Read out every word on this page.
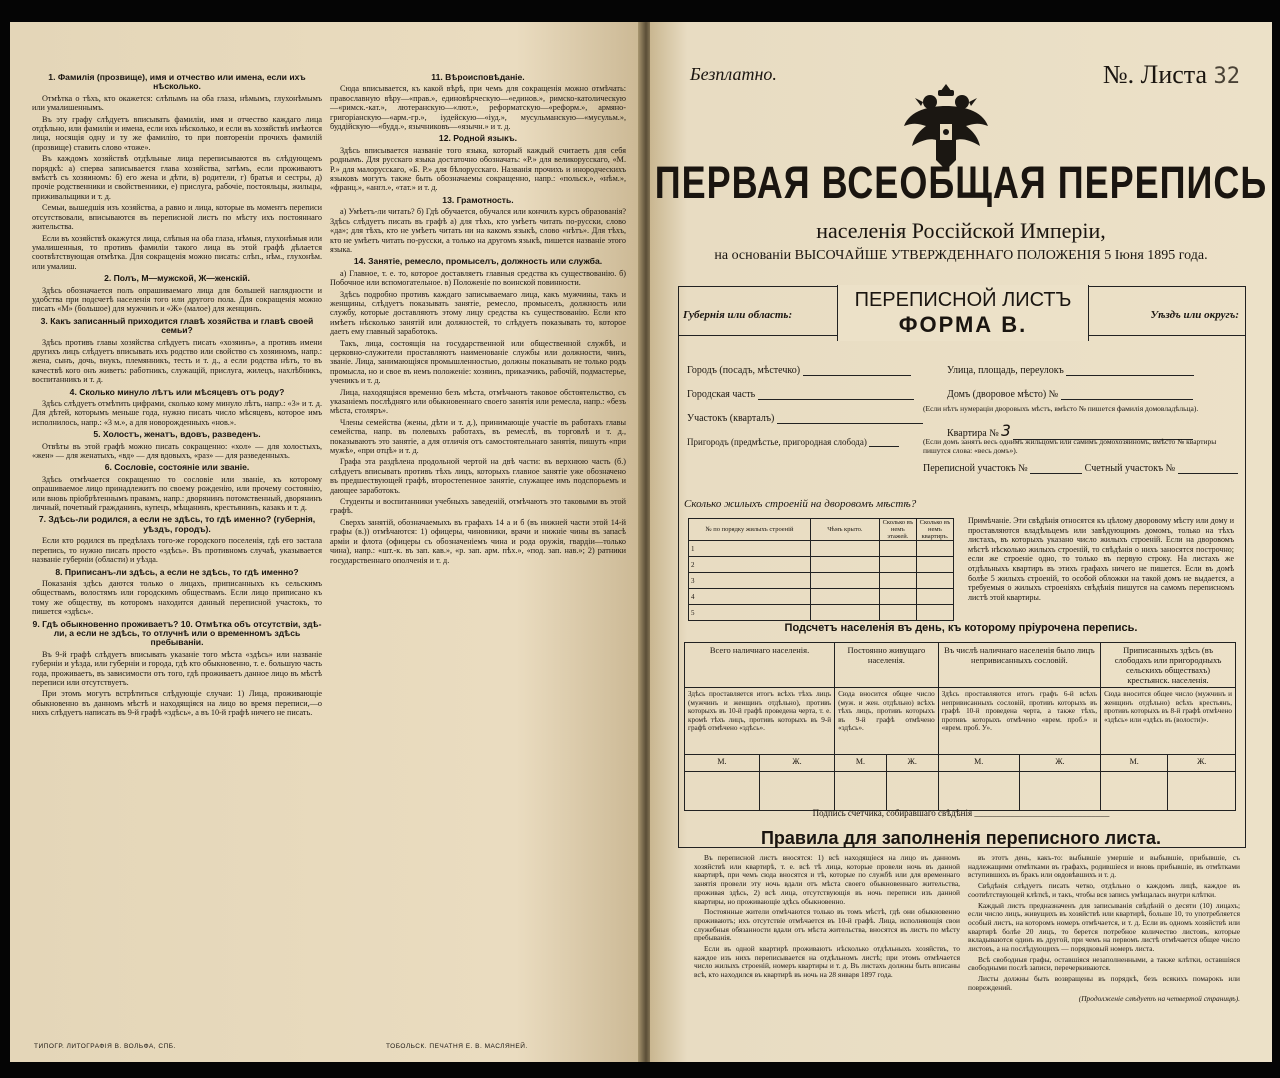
1. Фамилія (прозвище), имя и отчество или имена, если ихъ нѣсколько.

Отмѣтка о тѣхъ, кто окажется: слѣпымъ на оба глаза, нѣмымъ, глухонѣмымъ или умалишеннымъ.

Въ эту графу слѣдуетъ вписывать фамиліи, имя и отчество каждаго лица отдѣльно, или фамиліи и имена, если ихъ нѣсколько, и если въ хозяйствѣ имѣются лица, носящія одну и ту же фамилію, то при повтореніи прочихъ фамилій (прозвище) ставить слово «тоже».

Въ каждомъ хозяйствѣ отдѣльные лица переписываются въ слѣдующемъ порядкѣ: а) сперва записывается глава хозяйства, затѣмъ, если проживаютъ вмѣстѣ съ хозяиномъ: б) его жена и дѣти, в) родители, г) братья и сестры, д) прочіе родственники и свойственники, е) прислуга, рабочіе, постояльцы, жильцы, приживальщики и т. д.

Семьи, вышедшія изъ хозяйства, а равно и лица, которые въ моментъ переписи отсутствовали, вписываются въ переписной листъ по мѣсту ихъ постояннаго жительства.

Если въ хозяйствѣ окажутся лица, слѣпыя на оба глаза, нѣмыя, глухонѣмыя или умалишенныя, то противъ фамиліи такого лица въ этой графѣ дѣлается соотвѣтствующая отмѣтка. Для сокращенія можно писать: слѣп., нѣм., глухонѣм. или умалиш.

2. Полъ, М—мужской, Ж—женскій.

Здѣсь обозначается полъ опрашиваемаго лица для большей наглядности и удобства при подсчетѣ населенія того или другого пола. Для сокращенія можно писать «М» (большое) для мужчинъ и «Ж» (малое) для женщинъ.

3. Какъ записанный приходится главѣ хозяйства и главѣ своей семьи?

Здѣсь противъ главы хозяйства слѣдуетъ писать «хозяинъ», а противъ имени другихъ лицъ слѣдуетъ вписывать ихъ родство или свойство съ хозяиномъ, напр.: жена, сынъ, дочь, внукъ, племянникъ, тесть и т. д., а если родства нѣтъ, то въ качествѣ кого онъ живетъ: работникъ, служащій, прислуга, жилецъ, нахлѣбникъ, воспитанникъ и т. д.

4. Сколько минуло лѣтъ или мѣсяцевъ отъ роду?

Здѣсь слѣдуетъ отмѣтить цифрами, сколько кому минуло лѣтъ, напр.: «3» и т. д. Для дѣтей, которымъ меньше года, нужно писать число мѣсяцевъ, которое имъ исполнилось, напр.: «3 м.», а для новорожденныхъ «нов.».

5. Холостъ, женатъ, вдовъ, разведенъ.

Отвѣты въ этой графѣ можно писать сокращенно: «хол» — для холостыхъ, «жен» — для женатыхъ, «вд» — для вдовыхъ, «раз» — для разведенныхъ.

6. Сословіе, состояніе или званіе.

Здѣсь отмѣчается сокращенно то сословіе или званіе, къ которому опрашиваемое лицо принадлежитъ по своему рожденію, или прочему состоянію, или вновь пріобрѣтеннымъ правамъ, напр.: дворянинъ потомственный, дворянинъ личный, почетный гражданинъ, купецъ, мѣщанинъ, крестьянинъ, казакъ и т. д.

7. Здѣсь-ли родился, а если не здѣсь, то гдѣ именно? (губернія, уѣздъ, городъ).

Если кто родился въ предѣлахъ того-же городского поселенія, гдѣ его застала перепись, то нужно писать просто «здѣсь». Въ противномъ случаѣ, указывается названіе губерніи (области) и уѣзда.

8. Приписанъ-ли здѣсь, а если не здѣсь, то гдѣ именно?

Показанія здѣсь даются только о лицахъ, приписанныхъ къ сельскимъ обществамъ, волостямъ или городскимъ обществамъ. Если лицо приписано къ тому же обществу, въ которомъ находится данный переписной участокъ, то пишется «здѣсь».

9. Гдѣ обыкновенно проживаетъ? 10. Отмѣтка объ отсутствіи, здѣ-ли, а если не здѣсь, то отлучнѣ или о временномъ здѣсь пребываніи.

Въ 9-й графѣ слѣдуетъ вписывать указаніе того мѣста «здѣсь» или названіе губерніи и уѣзда, или губерніи и города, гдѣ кто обыкновенно, т. е. большую часть года, проживаетъ, въ зависимости отъ того, гдѣ проживаетъ данное лицо въ мѣстѣ переписи или отсутствуетъ.

При этомъ могутъ встрѣтиться слѣдующіе случаи: 1) Лица, проживающіе обыкновенно въ данномъ мѣстѣ и находящіяся на лицо во время переписи,—о нихъ слѣдуетъ написать въ 9-й графѣ «здѣсь», а въ 10-й графѣ ничего не писать.

11. Вѣроисповѣданіе.

Сюда вписывается, къ какой вѣрѣ, при чемъ для сокращенія можно отмѣчать: православную вѣру—«прав.», единовѣрческую—«единов.», римско-католическую—«римск.-кат.», лютеранскую—«лют.», реформатскую—«реформ.», армяно-григоріанскую—«арм.-гр.», іудейскую—«іуд.», мусульманскую—«мусульм.», буддійскую—«будд.», язычниковъ—«язычн.» и т. д.

12. Родной языкъ.

Здѣсь вписывается названіе того языка, который каждый считаетъ для себя роднымъ. Для русскаго языка достаточно обозначать: «Р.» для великорусскаго, «М. Р.» для малорусскаго, «Б. Р.» для бѣлорусскаго. Названія прочихъ и инородческихъ языковъ могутъ также быть обозначаемы сокращенно, напр.: «польск.», «нѣм.», «франц.», «англ.», «тат.» и т. д.

13. Грамотность.

а) Умѣетъ-ли читать? б) Гдѣ обучается, обучался или кончилъ курсъ образованія? Здѣсь слѣдуетъ писать въ графѣ а) для тѣхъ, кто умѣетъ читать по-русски, слово «да»; для тѣхъ, кто не умѣетъ читать ни на какомъ языкѣ, слово «нѣтъ». Для тѣхъ, кто не умѣетъ читать по-русски, а только на другомъ языкѣ, пишется названіе этого языка.

14. Занятіе, ремесло, промыселъ, должность или служба.

а) Главное, т. е. то, которое доставляетъ главныя средства къ существованію. б) Побочное или вспомогательное. в) Положеніе по воинской повинности.

Здѣсь подробно противъ каждаго записываемаго лица, какъ мужчины, такъ и женщины, слѣдуетъ показывать занятіе, ремесло, промыселъ, должность или службу, которые доставляютъ этому лицу средства къ существованію. Если кто имѣетъ нѣсколько занятій или должностей, то слѣдуетъ показывать то, которое даетъ ему главный заработокъ.

Такъ, лица, состоящія на государственной или общественной службѣ, и церковно-служители проставляютъ наименованіе службы или должности, чинъ, званіе. Лица, занимающіяся промышленностью, должны показывать не только родъ промысла, но и свое въ немъ положеніе: хозяинъ, приказчикъ, рабочій, подмастерье, ученикъ и т. д.

Лица, находящіяся временно безъ мѣста, отмѣчаютъ таковое обстоятельство, съ указаніемъ послѣдняго или обыкновеннаго своего занятія или ремесла, напр.: «безъ мѣста, столяръ».

Члены семейства (жены, дѣти и т. д.), принимающіе участіе въ работахъ главы семейства, напр. въ полевыхъ работахъ, въ ремеслѣ, въ торговлѣ и т. д., показываютъ это занятіе, а для отличія отъ самостоятельнаго занятія, пишутъ «при мужѣ», «при отцѣ» и т. д.

Графа эта раздѣлена продольной чертой на двѣ части: въ верхнюю часть (б.) слѣдуетъ вписывать противъ тѣхъ лицъ, которыхъ главное занятіе уже обозначено въ предшествующей графѣ, второстепенное занятіе, служащее имъ подспорьемъ и дающее заработокъ.

Студенты и воспитанники учебныхъ заведеній, отмѣчаютъ это таковыми въ этой графѣ.

Сверхъ занятій, обозначаемыхъ въ графахъ 14 а и б (въ нижней части этой 14-й графы (в.)) отмѣчаются: 1) офицеры, чиновники, врачи и нижніе чины въ запасѣ арміи и флота (офицеры съ обозначеніемъ чина и рода оружія, гвардіи—только чина), напр.: «шт.-к. въ зап. кав.», «р. зап. арм. пѣх.», «под. зап. нав.»; 2) ратники государственнаго ополченія и т. д.

ТИПОГР. ЛИТОГРАФІЯ В. ВОЛЬФА, СПБ.	ТОБОЛЬСК. ПЕЧАТНЯ Е. В. МАСЛЯНЕЙ.
Безплатно.	№. Листа 32
ПЕРВАЯ ВСЕОБЩАЯ ПЕРЕПИСЬ
населенія Россійской Имперіи,
на основаніи ВЫСОЧАЙШЕ УТВЕРЖДЕННАГО ПОЛОЖЕНІЯ 5 Іюня 1895 года.
Губернія или область:
ПЕРЕПИСНОЙ ЛИСТЪ
ФОРМА В.	Уѣздъ или округъ:
Городъ (посадъ, мѣстечко)
Городская часть
Участокъ (кварталъ)
Пригородъ (предмѣстье, пригородная слобода)
Улица, площадь, переулокъ
Домъ (дворовое мѣсто) №
(Если нѣтъ нумераціи дворовыхъ мѣстъ, вмѣсто № пишется фамилія домовладѣльца).
Квартира № 3
(Если домъ занятъ весь однимъ жильцомъ или самимъ домохозяиномъ, вмѣсто № квартиры пишутся слова: «весь домъ»).
Переписной участокъ №	Счетный участокъ №
Сколько жилыхъ строеній на дворовомъ мѣстѣ?
№ по порядку жилыхъ строеній	Чѣмъ крыто.	Сколько въ немъ этажей.	Сколько въ немъ квартиръ.
1			
2			
3			
4			
5			
Примѣчаніе. Эти свѣдѣнія относятся къ цѣлому дворовому мѣсту или дому и проставляются владѣльцемъ или завѣдующимъ домомъ, только на тѣхъ листахъ, въ которыхъ указано число жилыхъ строеній. Если на дворовомъ мѣстѣ нѣсколько жилыхъ строеній, то свѣдѣнія о нихъ заносятся построчно; если же строеніе одно, то только въ первую строку. На листахъ же отдѣльныхъ квартиръ въ этихъ графахъ ничего не пишется. Если въ домѣ болѣе 5 жилыхъ строеній, то особой обложки на такой домъ не выдается, а требуемыя о жилыхъ строеніяхъ свѣдѣнія пишутся на самомъ переписномъ листѣ этой квартиры.
Подсчетъ населенія въ день, къ которому пріурочена перепись.
Всего наличнаго населенія.		Постоянно живущаго населенія.		Въ числѣ наличнаго населенія было лицъ непривисанныхъ сословій.		Приписанныхъ здѣсь (въ слободахъ или пригородныхъ сельскихъ обществахъ) крестьянск. населенія.	
Здѣсь проставляется итогъ всѣхъ тѣхъ лицъ (мужчинъ и женщинъ отдѣльно), противъ которыхъ въ 10-й графѣ проведена черта, т. е. кромѣ тѣхъ лицъ, противъ которыхъ въ 9-й графѣ отмѣчено «здѣсь».		Сюда вносится общее число (муж. и жен. отдѣльно) всѣхъ тѣхъ лицъ, противъ которыхъ въ 9-й графѣ отмѣчено «здѣсь».		Здѣсь проставляются итогъ графъ 6-й всѣхъ непривисанныхъ сословій, противъ которыхъ въ графѣ 10-й проведена черта, а также тѣхъ, противъ которыхъ отмѣчено «врем. проб.» и «врем. проб. У».		Сюда вносится общее число (мужчинъ и женщинъ отдѣльно) всѣхъ крестьянъ, противъ которыхъ въ 8-й графѣ отмѣчено «здѣсь» или «здѣсь въ (волости)».	
М.	Ж.	М.	Ж.	М.	Ж.	М.	Ж.

Подпись счетчика, собиравшаго свѣдѣнія ______________________________
Правила для заполненія переписного листа.

Въ переписной листъ вносятся: 1) всѣ находящіеся на лицо въ данномъ хозяйствѣ или квартирѣ, т. е. всѣ тѣ лица, которые провели ночь въ данной квартирѣ, при чемъ сюда вносятся и тѣ, которые по службѣ или для временнаго занятія провели эту ночь вдали отъ мѣста своего обыкновеннаго жительства, проживая здѣсь, 2) всѣ лица, отсутствующія въ ночь переписи изъ данной квартиры, но проживающіе здѣсь обыкновенно.

Постоянные жители отмѣчаются только въ томъ мѣстѣ, гдѣ они обыкновенно проживаютъ; ихъ отсутствіе отмѣчается въ 10-й графѣ. Лица, исполняющія свои служебныя обязанности вдали отъ мѣста жительства, вносятся въ листъ по мѣсту пребыванія.

Если въ одной квартирѣ проживаютъ нѣсколько отдѣльныхъ хозяйствъ, то каждое изъ нихъ переписывается на отдѣльномъ листѣ; при этомъ отмѣчается число жилыхъ строеній, номеръ квартиры и т. д. Въ листахъ должны быть вписаны всѣ, кто находился въ квартирѣ въ ночь на 28 января 1897 года.

въ этотъ день, какъ-то: выбывшіе умершіе и выбывшіе, прибывшіе, съ надлежащими отмѣтками въ графахъ, родившіеся и вновь прибывшіе, въ отмѣтками вступившихъ въ бракъ или овдовѣвшихъ и т. д.

Свѣдѣнія слѣдуетъ писать четко, отдѣльно о каждомъ лицѣ, каждое въ соотвѣтствующей клѣткѣ, и такъ, чтобы вся запись умѣщалась внутри клѣтки.

Каждый листъ предназначенъ для записыванія свѣдѣній о десяти (10) лицахъ; если число лицъ, живущихъ въ хозяйствѣ или квартирѣ, больше 10, то употребляется особый листъ, на которомъ номеръ отмѣчается, и т. д. Если въ одномъ хозяйствѣ или квартирѣ болѣе 20 лицъ, то берется потребное количество листовъ, которые вкладываются одинъ въ другой, при чемъ на первомъ листѣ отмѣчается общее число листовъ, а на послѣдующихъ — порядковый номеръ листа.

Всѣ свободныя графы, оставшіяся незаполненными, а также клѣтки, оставшіяся свободными послѣ записи, перечеркиваются.

Листы должны быть возвращены въ порядкѣ, безъ всякихъ помарокъ или повреждений.

(Продолженіе слѣдуетъ на четвертой страницѣ).
